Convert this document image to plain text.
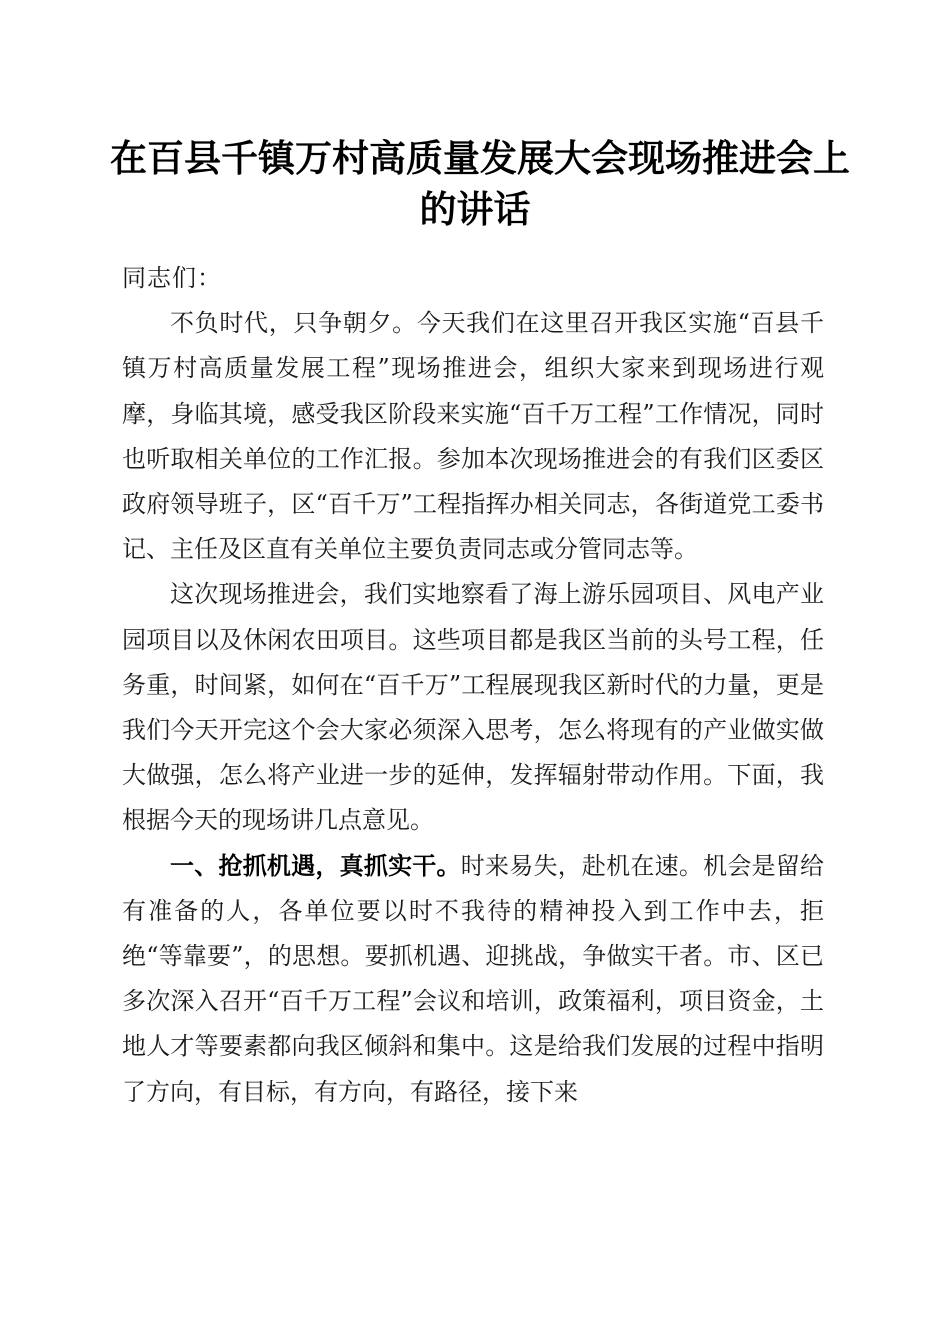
在百县千镇万村高质量发展大会现场推进会上
的讲话

同志们：

不负时代，只争朝夕。今天我们在这里召开我区实施“百县千镇万村高质量发展工程”现场推进会，组织大家来到现场进行观摩，身临其境，感受我区阶段来实施“百千万工程”工作情况，同时也听取相关单位的工作汇报。参加本次现场推进会的有我们区委区政府领导班子，区“百千万”工程指挥办相关同志，各街道党工委书记、主任及区直有关单位主要负责同志或分管同志等。

这次现场推进会，我们实地察看了海上游乐园项目、风电产业园项目以及休闲农田项目。这些项目都是我区当前的头号工程，任务重，时间紧，如何在“百千万”工程展现我区新时代的力量，更是我们今天开完这个会大家必须深入思考，怎么将现有的产业做实做大做强，怎么将产业进一步的延伸，发挥辐射带动作用。下面，我根据今天的现场讲几点意见。

一、抢抓机遇，真抓实干。时来易失，赴机在速。机会是留给有准备的人，各单位要以时不我待的精神投入到工作中去，拒绝“等靠要”，的思想。要抓机遇、迎挑战，争做实干者。市、区已多次深入召开“百千万工程”会议和培训，政策福利，项目资金，土地人才等要素都向我区倾斜和集中。这是给我们发展的过程中指明了方向，有目标，有方向，有路径，接下来
